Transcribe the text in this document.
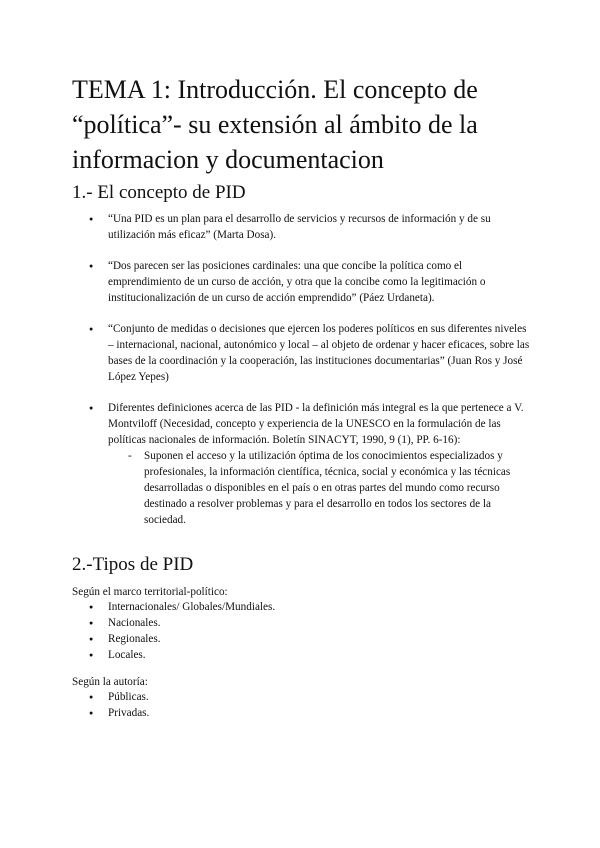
TEMA 1: Introducción. El concepto de “política”- su extensión al ámbito de la informacion y documentacion
1.- El concepto de PID
● “Una PID es un plan para el desarrollo de servicios y recursos de información y de su utilización más eficaz” (Marta Dosa).
● “Dos parecen ser las posiciones cardinales: una que concibe la política como el emprendimiento de un curso de acción, y otra que la concibe como la legitimación o institucionalización de un curso de acción emprendido” (Páez Urdaneta).
● “Conjunto de medidas o decisiones que ejercen los poderes políticos en sus diferentes niveles – internacional, nacional, autonómico y local – al objeto de ordenar y hacer eficaces, sobre las bases de la coordinación y la cooperación, las instituciones documentarias” (Juan Ros y José López Yepes)
● Diferentes definiciones acerca de las PID - la definición más integral es la que pertenece a V. Montviloff (Necesidad, concepto y experiencia de la UNESCO en la formulación de las políticas nacionales de información. Boletín SINACYT, 1990, 9 (1), PP. 6-16):
- Suponen el acceso y la utilización óptima de los conocimientos especializados y profesionales, la información científica, técnica, social y económica y las técnicas desarrolladas o disponibles en el país o en otras partes del mundo como recurso destinado a resolver problemas y para el desarrollo en todos los sectores de la sociedad.
2.-Tipos de PID

Según el marco territorial-político:

● Internacionales/ Globales/Mundiales.
● Nacionales.
● Regionales.
● Locales.

Según la autoría:

● Públicas.
● Privadas.
